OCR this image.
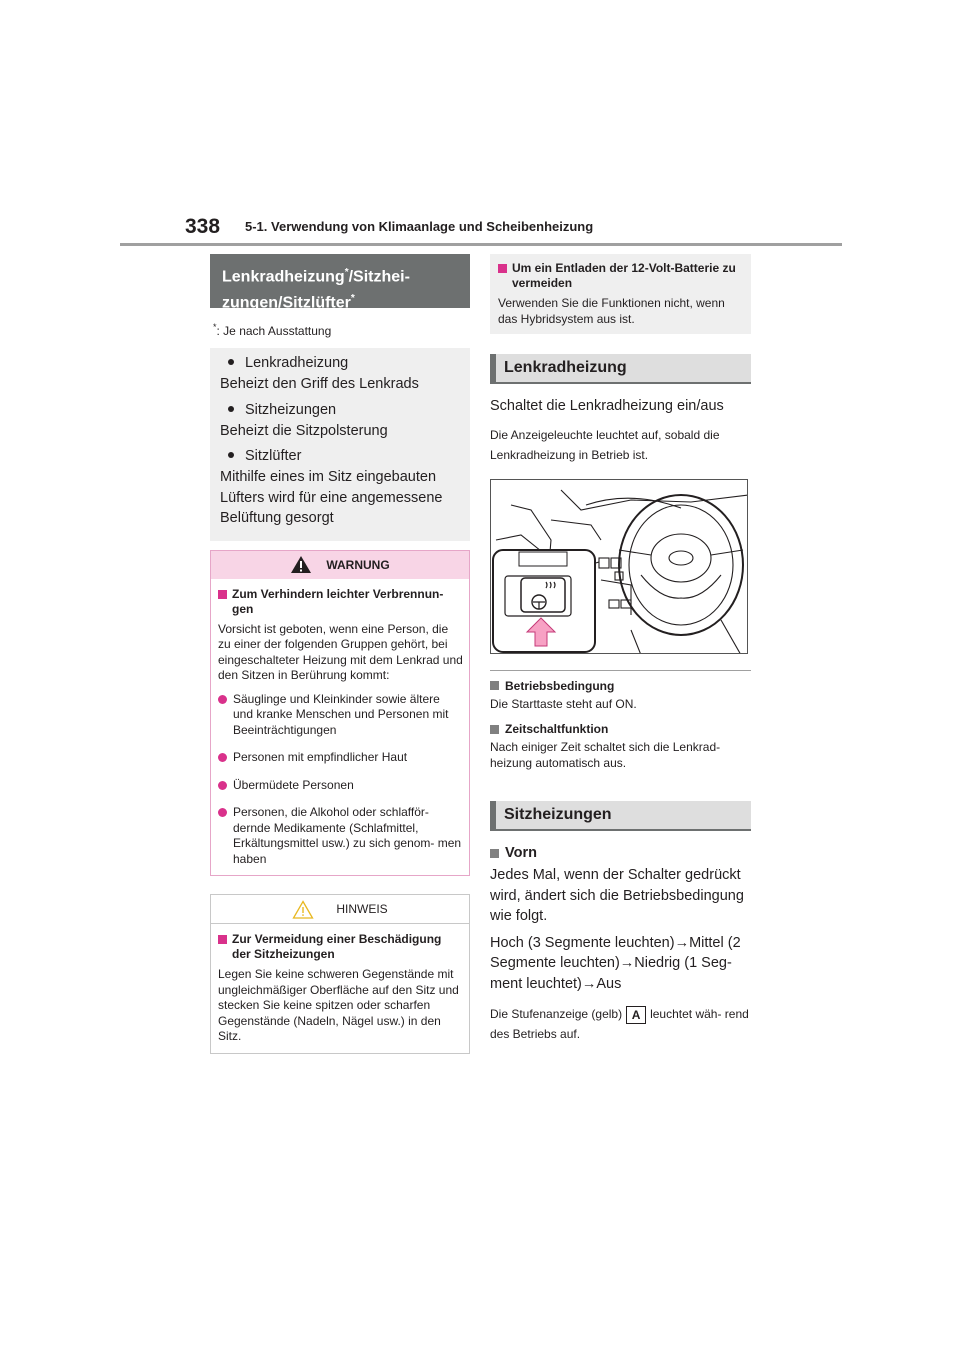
338 5-1. Verwendung von Klimaanlage und Scheibenheizung
Lenkradheizung*/Sitzhei-
zungen/Sitzlüfter*
*: Je nach Ausstattung
Lenkradheizung
Beheizt den Griff des Lenkrads
Sitzheizungen
Beheizt die Sitzpolsterung
Sitzlüfter
Mithilfe eines im Sitz eingebauten Lüfters wird für eine angemessene Belüftung gesorgt
WARNUNG
Zum Verhindern leichter Verbrennun- gen
Vorsicht ist geboten, wenn eine Person, die zu einer der folgenden Gruppen gehört, bei eingeschalteter Heizung mit dem Lenkrad und den Sitzen in Berührung kommt:
Säuglinge und Kleinkinder sowie ältere und kranke Menschen und Personen mit Beeinträchtigungen
Personen mit empfindlicher Haut
Übermüdete Personen
Personen, die Alkohol oder schlafför- dernde Medikamente (Schlafmittel, Erkältungsmittel usw.) zu sich genom- men haben
HINWEIS
Zur Vermeidung einer Beschädigung der Sitzheizungen
Legen Sie keine schweren Gegenstände mit ungleichmäßiger Oberfläche auf den Sitz und stecken Sie keine spitzen oder scharfen Gegenstände (Nadeln, Nägel usw.) in den Sitz.
Um ein Entladen der 12-Volt-Batterie zu vermeiden
Verwenden Sie die Funktionen nicht, wenn das Hybridsystem aus ist.
Lenkradheizung
Schaltet die Lenkradheizung ein/aus
Die Anzeigeleuchte leuchtet auf, sobald die Lenkradheizung in Betrieb ist.
Betriebsbedingung
Die Starttaste steht auf ON.
Zeitschaltfunktion
Nach einiger Zeit schaltet sich die Lenkrad- heizung automatisch aus.
Sitzheizungen
Vorn
Jedes Mal, wenn der Schalter gedrückt wird, ändert sich die Betriebsbedingung wie folgt.
Hoch (3 Segmente leuchten)→Mittel (2 Segmente leuchten)→Niedrig (1 Seg- ment leuchtet)→Aus
Die Stufenanzeige (gelb) A leuchtet wäh- rend des Betriebs auf.
